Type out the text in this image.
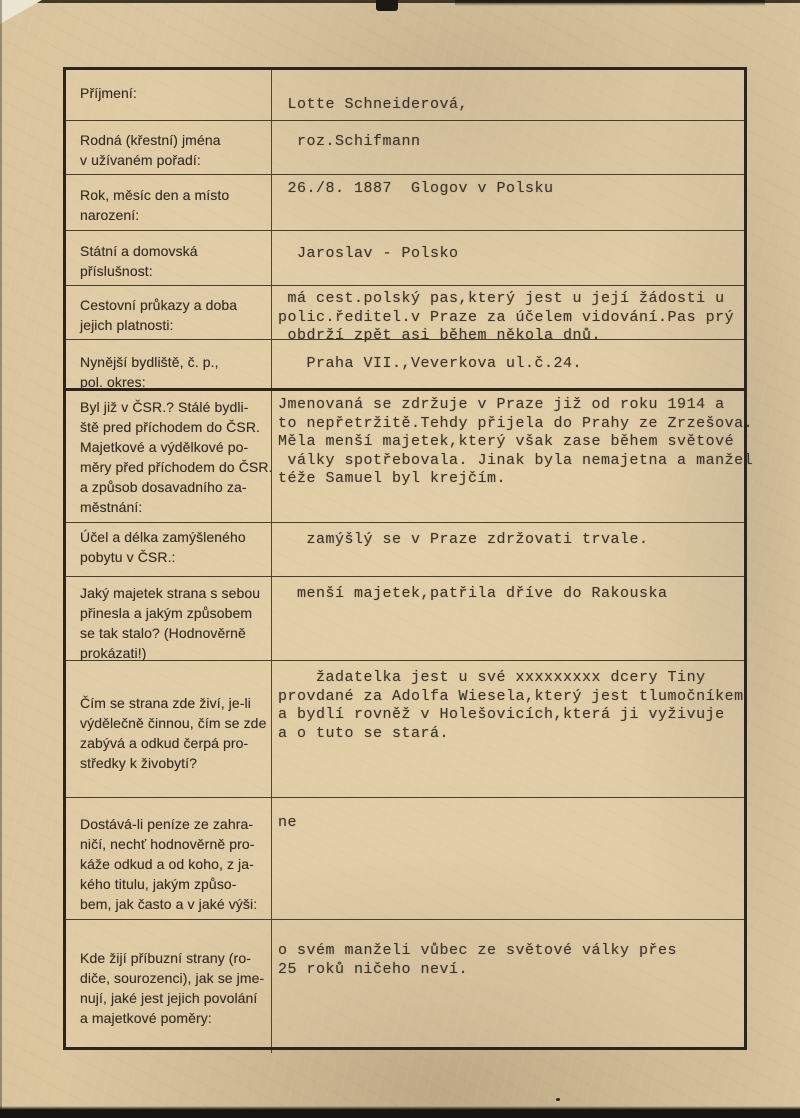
Příjmení:
Lotte Schneiderová,
Rodná (křestní) jména
v užívaném pořadí:
roz.Schifmann
Rok, měsíc den a místo
narození:
26./8. 1887  Glogov v Polsku
Státní a domovská
příslušnost:
Jaroslav - Polsko
Cestovní průkazy a doba
jejich platnosti:
má cest.polský pas,který jest u její žádosti u
polic.ředitel.v Praze za účelem vidování.Pas prý
obdrží zpět asi během někola dnů.
Nynější bydliště, č. p.,
pol. okres:
Praha VII.,Veverkova ul.č.24.
Byl již v ČSR.? Stálé bydli-
ště pred příchodem do ČSR.
Majetkové a výdělkové po-
měry před příchodem do ČSR.
a způsob dosavadního za-
městnání:
Jmenovaná se zdržuje v Praze již od roku 1914 a
to nepřetržitě.Tehdy přijela do Prahy ze Zrzešova.
Měla menší majetek,který však zase během světové
války spotřebovala. Jinak byla nemajetna a manžel
téže Samuel byl krejčím.
Účel a délka zamýšleného
pobytu v ČSR.:
zamýšlý se v Praze zdržovati trvale.
Jaký majetek strana s sebou
přinesla a jakým způsobem
se tak stalo? (Hodnověrně
prokázati!)
menší majetek,patřila dříve do Rakouska
Čím se strana zde živí, je-li
výdělečně činnou, čím se zde
zabývá a odkud čerpá pro-
středky k živobytí?
žadatelka jest u své xxxxxxxxx dcery Tiny
provdané za Adolfa Wiesela,který jest tlumočníkem
a bydlí rovněž v Holešovicích,která ji vyživuje
a o tuto se stará.
Dostává-li peníze ze zahra-
ničí, nechť hodnověrně pro-
káže odkud a od koho, z ja-
kého titulu, jakým způso-
bem, jak často a v jaké výši:
ne
Kde žijí příbuzní strany (ro-
diče, sourozenci), jak se jme-
nují, jaké jest jejich povolání
a majetkové poměry:
o svém manželi vůbec ze světové války přes
25 roků ničeho neví.
